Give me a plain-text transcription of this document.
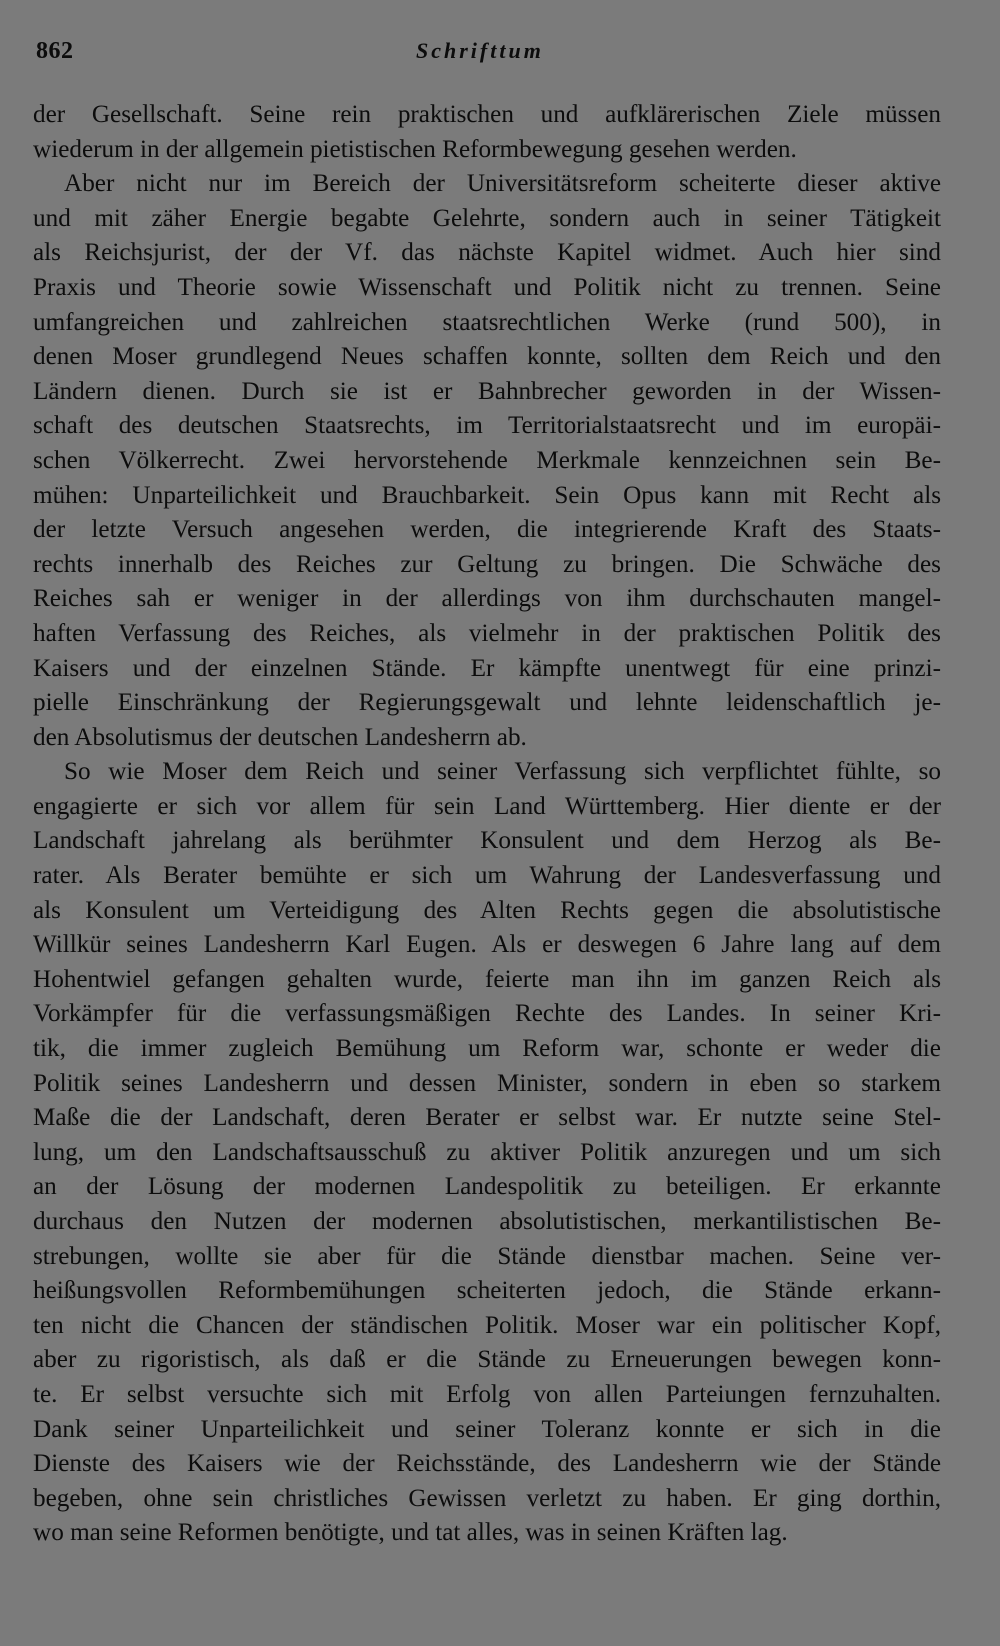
862	Schrifttum
der Gesellschaft. Seine rein praktischen und aufklärerischen Ziele müssen
wiederum in der allgemein pietistischen Reformbewegung gesehen werden.
Aber nicht nur im Bereich der Universitätsreform scheiterte dieser aktive
und mit zäher Energie begabte Gelehrte, sondern auch in seiner Tätigkeit
als Reichsjurist, der der Vf. das nächste Kapitel widmet. Auch hier sind
Praxis und Theorie sowie Wissenschaft und Politik nicht zu trennen. Seine
umfangreichen und zahlreichen staatsrechtlichen Werke (rund 500), in
denen Moser grundlegend Neues schaffen konnte, sollten dem Reich und den
Ländern dienen. Durch sie ist er Bahnbrecher geworden in der Wissen-
schaft des deutschen Staatsrechts, im Territorialstaatsrecht und im europäi-
schen Völkerrecht. Zwei hervorstehende Merkmale kennzeichnen sein Be-
mühen: Unparteilichkeit und Brauchbarkeit. Sein Opus kann mit Recht als
der letzte Versuch angesehen werden, die integrierende Kraft des Staats-
rechts innerhalb des Reiches zur Geltung zu bringen. Die Schwäche des
Reiches sah er weniger in der allerdings von ihm durchschauten mangel-
haften Verfassung des Reiches, als vielmehr in der praktischen Politik des
Kaisers und der einzelnen Stände. Er kämpfte unentwegt für eine prinzi-
pielle Einschränkung der Regierungsgewalt und lehnte leidenschaftlich je-
den Absolutismus der deutschen Landesherrn ab.
So wie Moser dem Reich und seiner Verfassung sich verpflichtet fühlte, so
engagierte er sich vor allem für sein Land Württemberg. Hier diente er der
Landschaft jahrelang als berühmter Konsulent und dem Herzog als Be-
rater. Als Berater bemühte er sich um Wahrung der Landesverfassung und
als Konsulent um Verteidigung des Alten Rechts gegen die absolutistische
Willkür seines Landesherrn Karl Eugen. Als er deswegen 6 Jahre lang auf dem
Hohentwiel gefangen gehalten wurde, feierte man ihn im ganzen Reich als
Vorkämpfer für die verfassungsmäßigen Rechte des Landes. In seiner Kri-
tik, die immer zugleich Bemühung um Reform war, schonte er weder die
Politik seines Landesherrn und dessen Minister, sondern in eben so starkem
Maße die der Landschaft, deren Berater er selbst war. Er nutzte seine Stel-
lung, um den Landschaftsausschuß zu aktiver Politik anzuregen und um sich
an der Lösung der modernen Landespolitik zu beteiligen. Er erkannte
durchaus den Nutzen der modernen absolutistischen, merkantilistischen Be-
strebungen, wollte sie aber für die Stände dienstbar machen. Seine ver-
heißungsvollen Reformbemühungen scheiterten jedoch, die Stände erkann-
ten nicht die Chancen der ständischen Politik. Moser war ein politischer Kopf,
aber zu rigoristisch, als daß er die Stände zu Erneuerungen bewegen konn-
te. Er selbst versuchte sich mit Erfolg von allen Parteiungen fernzuhalten.
Dank seiner Unparteilichkeit und seiner Toleranz konnte er sich in die
Dienste des Kaisers wie der Reichsstände, des Landesherrn wie der Stände
begeben, ohne sein christliches Gewissen verletzt zu haben. Er ging dorthin,
wo man seine Reformen benötigte, und tat alles, was in seinen Kräften lag.
